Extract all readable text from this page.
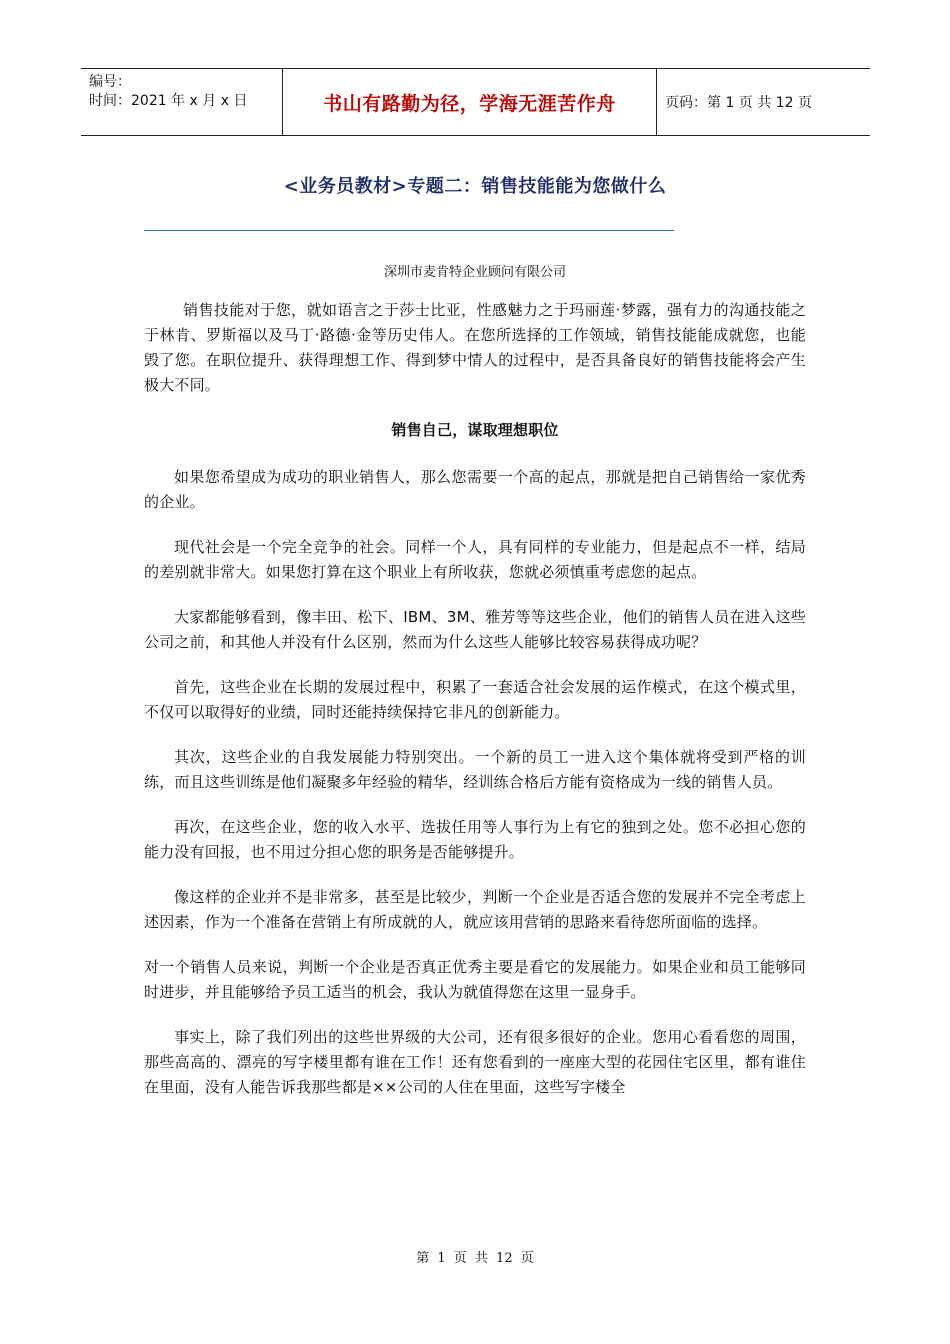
编号：
时间：2021 年 x 月 x 日	书山有路勤为径，学海无涯苦作舟	页码：第 1 页 共 12 页
<业务员教材>专题二：销售技能能为您做什么
深圳市麦肯特企业顾问有限公司

销售技能对于您，就如语言之于莎士比亚，性感魅力之于玛丽莲·梦露，强有力的沟通技能之于林肯、罗斯福以及马丁·路德·金等历史伟人。在您所选择的工作领域，销售技能能成就您，也能毁了您。在职位提升、获得理想工作、得到梦中情人的过程中，是否具备良好的销售技能将会产生极大不同。

销售自己，谋取理想职位

如果您希望成为成功的职业销售人，那么您需要一个高的起点，那就是把自己销售给一家优秀的企业。

现代社会是一个完全竞争的社会。同样一个人，具有同样的专业能力，但是起点不一样，结局的差别就非常大。如果您打算在这个职业上有所收获，您就必须慎重考虑您的起点。

大家都能够看到，像丰田、松下、IBM、3M、雅芳等等这些企业，他们的销售人员在进入这些公司之前，和其他人并没有什么区别，然而为什么这些人能够比较容易获得成功呢？

首先，这些企业在长期的发展过程中，积累了一套适合社会发展的运作模式，在这个模式里，不仅可以取得好的业绩，同时还能持续保持它非凡的创新能力。

其次，这些企业的自我发展能力特别突出。一个新的员工一进入这个集体就将受到严格的训练，而且这些训练是他们凝聚多年经验的精华，经训练合格后方能有资格成为一线的销售人员。

再次，在这些企业，您的收入水平、选拔任用等人事行为上有它的独到之处。您不必担心您的能力没有回报，也不用过分担心您的职务是否能够提升。

像这样的企业并不是非常多，甚至是比较少，判断一个企业是否适合您的发展并不完全考虑上述因素，作为一个准备在营销上有所成就的人，就应该用营销的思路来看待您所面临的选择。

对一个销售人员来说，判断一个企业是否真正优秀主要是看它的发展能力。如果企业和员工能够同时进步，并且能够给予员工适当的机会，我认为就值得您在这里一显身手。

事实上，除了我们列出的这些世界级的大公司，还有很多很好的企业。您用心看看您的周围，那些高高的、漂亮的写字楼里都有谁在工作！还有您看到的一座座大型的花园住宅区里，都有谁住在里面，没有人能告诉我那些都是××公司的人住在里面，这些写字楼全

第 1 页 共 12 页
